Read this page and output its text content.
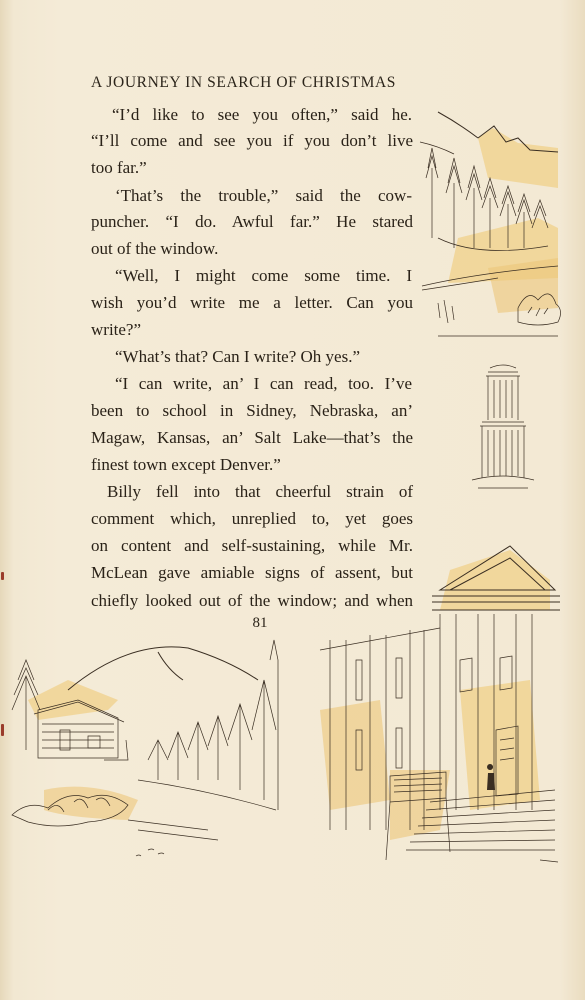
A JOURNEY IN SEARCH OF CHRISTMAS
“I’d like to see you often,” said he.
“I’ll come and see you if you don’t live
too far.”
‘That’s the trouble,” said the cow-
puncher. “I do. Awful far.” He stared
out of the window.
“Well, I might come some time. I
wish you’d write me a letter. Can you
write?”
“What’s that? Can I write? Oh yes.”
“I can write, an’ I can read, too. I’ve
been to school in Sidney, Nebraska, an’
Magaw, Kansas, an’ Salt Lake—that’s the
finest town except Denver.”
Billy fell into that cheerful strain of
comment which, unreplied to, yet goes
on content and self-sustaining, while Mr.
McLean gave amiable signs of assent, but
chiefly looked out of the window; and when
81
